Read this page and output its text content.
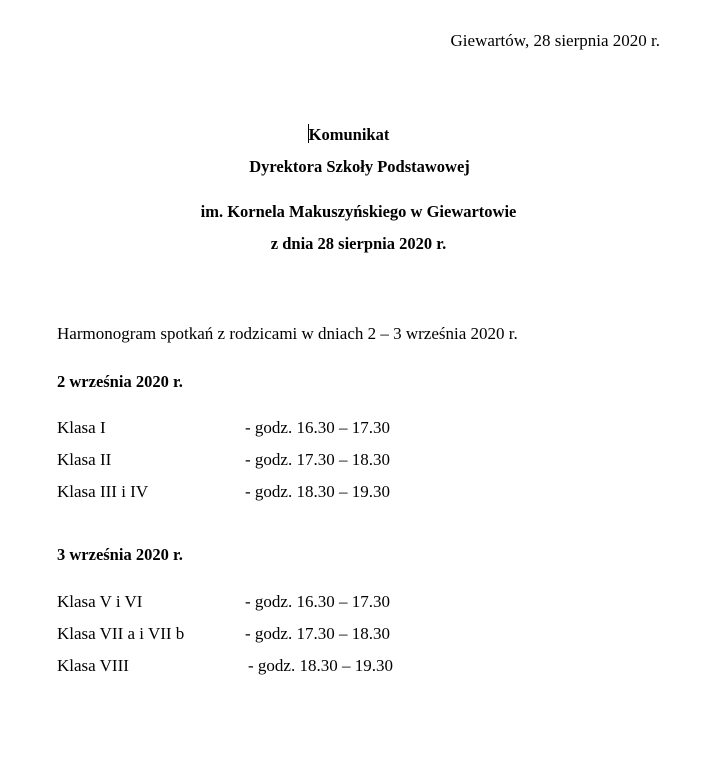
Giewartów, 28 sierpnia 2020 r.
Komunikat
Dyrektora Szkoły Podstawowej
im. Kornela Makuszyńskiego w Giewartowie
z dnia 28 sierpnia 2020 r.
Harmonogram spotkań z rodzicami w dniach 2 – 3 września 2020 r.
2 września 2020 r.
Klasa I	- godz. 16.30 – 17.30
Klasa II	- godz. 17.30 – 18.30
Klasa III i IV	- godz. 18.30 – 19.30
3 września 2020 r.
Klasa V i VI	- godz. 16.30 – 17.30
Klasa VII a i VII b	- godz. 17.30 – 18.30
Klasa VIII	- godz. 18.30 – 19.30
